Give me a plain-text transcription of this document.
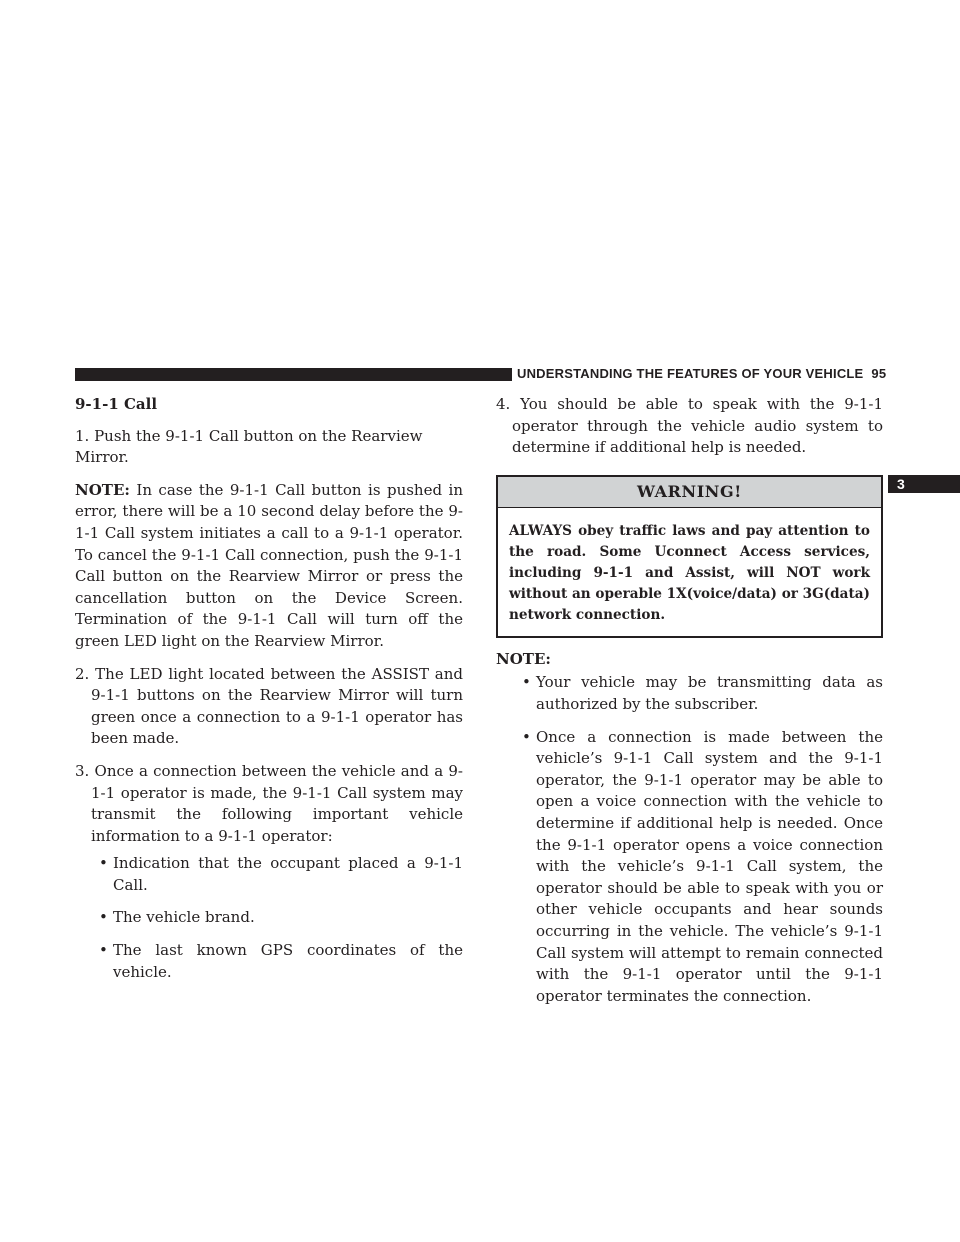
UNDERSTANDING THE FEATURES OF YOUR VEHICLE 95
3

9-1-1 Call

1. Push the 9-1-1 Call button on the Rearview Mirror.

NOTE: In case the 9-1-1 Call button is pushed in error, there will be a 10 second delay before the 9-1-1 Call system initiates a call to a 9-1-1 operator. To cancel the 9-1-1 Call connection, push the 9-1-1 Call button on the Rearview Mirror or press the cancellation button on the Device Screen. Termination of the 9-1-1 Call will turn off the green LED light on the Rearview Mirror.

2. The LED light located between the ASSIST and 9-1-1 buttons on the Rearview Mirror will turn green once a connection to a 9-1-1 operator has been made.

3. Once a connection between the vehicle and a 9-1-1 operator is made, the 9-1-1 Call system may transmit the following important vehicle information to a 9-1-1 operator:

• Indication that the occupant placed a 9-1-1 Call.
• The vehicle brand.
• The last known GPS coordinates of the vehicle.

4. You should be able to speak with the 9-1-1 operator through the vehicle audio system to determine if additional help is needed.

WARNING!
ALWAYS obey traffic laws and pay attention to the road. Some Uconnect Access services, including 9-1-1 and Assist, will NOT work without an operable 1X(voice/data) or 3G(data) network connection.

NOTE:

• Your vehicle may be transmitting data as authorized by the subscriber.
• Once a connection is made between the vehicle’s 9-1-1 Call system and the 9-1-1 operator, the 9-1-1 operator may be able to open a voice connection with the vehicle to determine if additional help is needed. Once the 9-1-1 operator opens a voice connection with the vehicle’s 9-1-1 Call system, the operator should be able to speak with you or other vehicle occupants and hear sounds occurring in the vehicle. The vehicle’s 9-1-1 Call system will attempt to remain connected with the 9-1-1 operator until the 9-1-1 operator terminates the connection.
